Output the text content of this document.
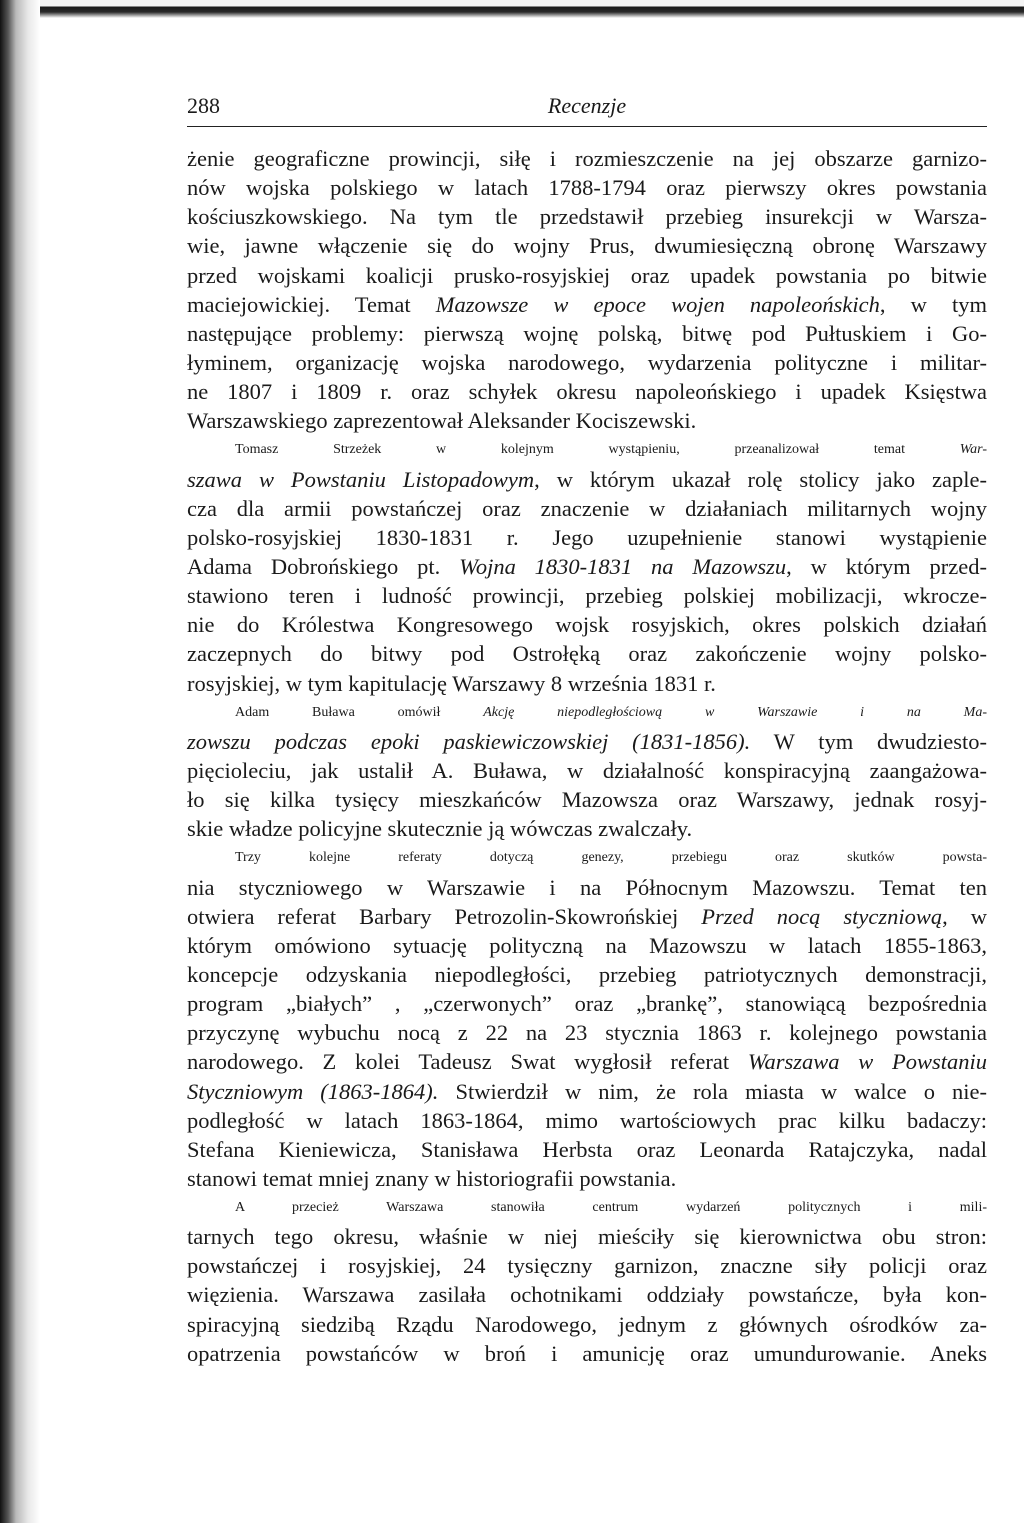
288	Recenzje
żenie geograficzne prowincji, siłę i rozmieszczenie na jej obszarze garnizo-
nów wojska polskiego w latach 1788-1794 oraz pierwszy okres powstania
kościuszkowskiego. Na tym tle przedstawił przebieg insurekcji w Warsza-
wie, jawne włączenie się do wojny Prus, dwumiesięczną obronę Warszawy
przed wojskami koalicji prusko-rosyjskiej oraz upadek powstania po bitwie
maciejowickiej. Temat Mazowsze w epoce wojen napoleońskich, w tym
następujące problemy: pierwszą wojnę polską, bitwę pod Pułtuskiem i Go-
łyminem, organizację wojska narodowego, wydarzenia polityczne i militar-
ne 1807 i 1809 r. oraz schyłek okresu napoleońskiego i upadek Księstwa
Warszawskiego zaprezentował Aleksander Kociszewski.
Tomasz Strzeżek w kolejnym wystąpieniu, przeanalizował temat War-
szawa w Powstaniu Listopadowym, w którym ukazał rolę stolicy jako zaple-
cza dla armii powstańczej oraz znaczenie w działaniach militarnych wojny
polsko-rosyjskiej 1830-1831 r. Jego uzupełnienie stanowi wystąpienie
Adama Dobrońskiego pt. Wojna 1830-1831 na Mazowszu, w którym przed-
stawiono teren i ludność prowincji, przebieg polskiej mobilizacji, wkrocze-
nie do Królestwa Kongresowego wojsk rosyjskich, okres polskich działań
zaczepnych do bitwy pod Ostrołęką oraz zakończenie wojny polsko-
rosyjskiej, w tym kapitulację Warszawy 8 września 1831 r.
Adam Buława omówił Akcję niepodległościową w Warszawie i na Ma-
zowszu podczas epoki paskiewiczowskiej (1831-1856). W tym dwudziesto-
pięcioleciu, jak ustalił A. Buława, w działalność konspiracyjną zaangażowa-
ło się kilka tysięcy mieszkańców Mazowsza oraz Warszawy, jednak rosyj-
skie władze policyjne skutecznie ją wówczas zwalczały.
Trzy kolejne referaty dotyczą genezy, przebiegu oraz skutków powsta-
nia styczniowego w Warszawie i na Północnym Mazowszu. Temat ten
otwiera referat Barbary Petrozolin-Skowrońskiej Przed nocą styczniową, w
którym omówiono sytuację polityczną na Mazowszu w latach 1855-1863,
koncepcje odzyskania niepodległości, przebieg patriotycznych demonstracji,
program „białych” , „czerwonych” oraz „brankę”, stanowiącą bezpośrednia
przyczynę wybuchu nocą z 22 na 23 stycznia 1863 r. kolejnego powstania
narodowego. Z kolei Tadeusz Swat wygłosił referat Warszawa w Powstaniu
Styczniowym (1863-1864). Stwierdził w nim, że rola miasta w walce o nie-
podległość w latach 1863-1864, mimo wartościowych prac kilku badaczy:
Stefana Kieniewicza, Stanisława Herbsta oraz Leonarda Ratajczyka, nadal
stanowi temat mniej znany w historiografii powstania.
A przecież Warszawa stanowiła centrum wydarzeń politycznych i mili-
tarnych tego okresu, właśnie w niej mieściły się kierownictwa obu stron:
powstańczej i rosyjskiej, 24 tysięczny garnizon, znaczne siły policji oraz
więzienia. Warszawa zasilała ochotnikami oddziały powstańcze, była kon-
spiracyjną siedzibą Rządu Narodowego, jednym z głównych ośrodków za-
opatrzenia powstańców w broń i amunicję oraz umundurowanie. Aneks
